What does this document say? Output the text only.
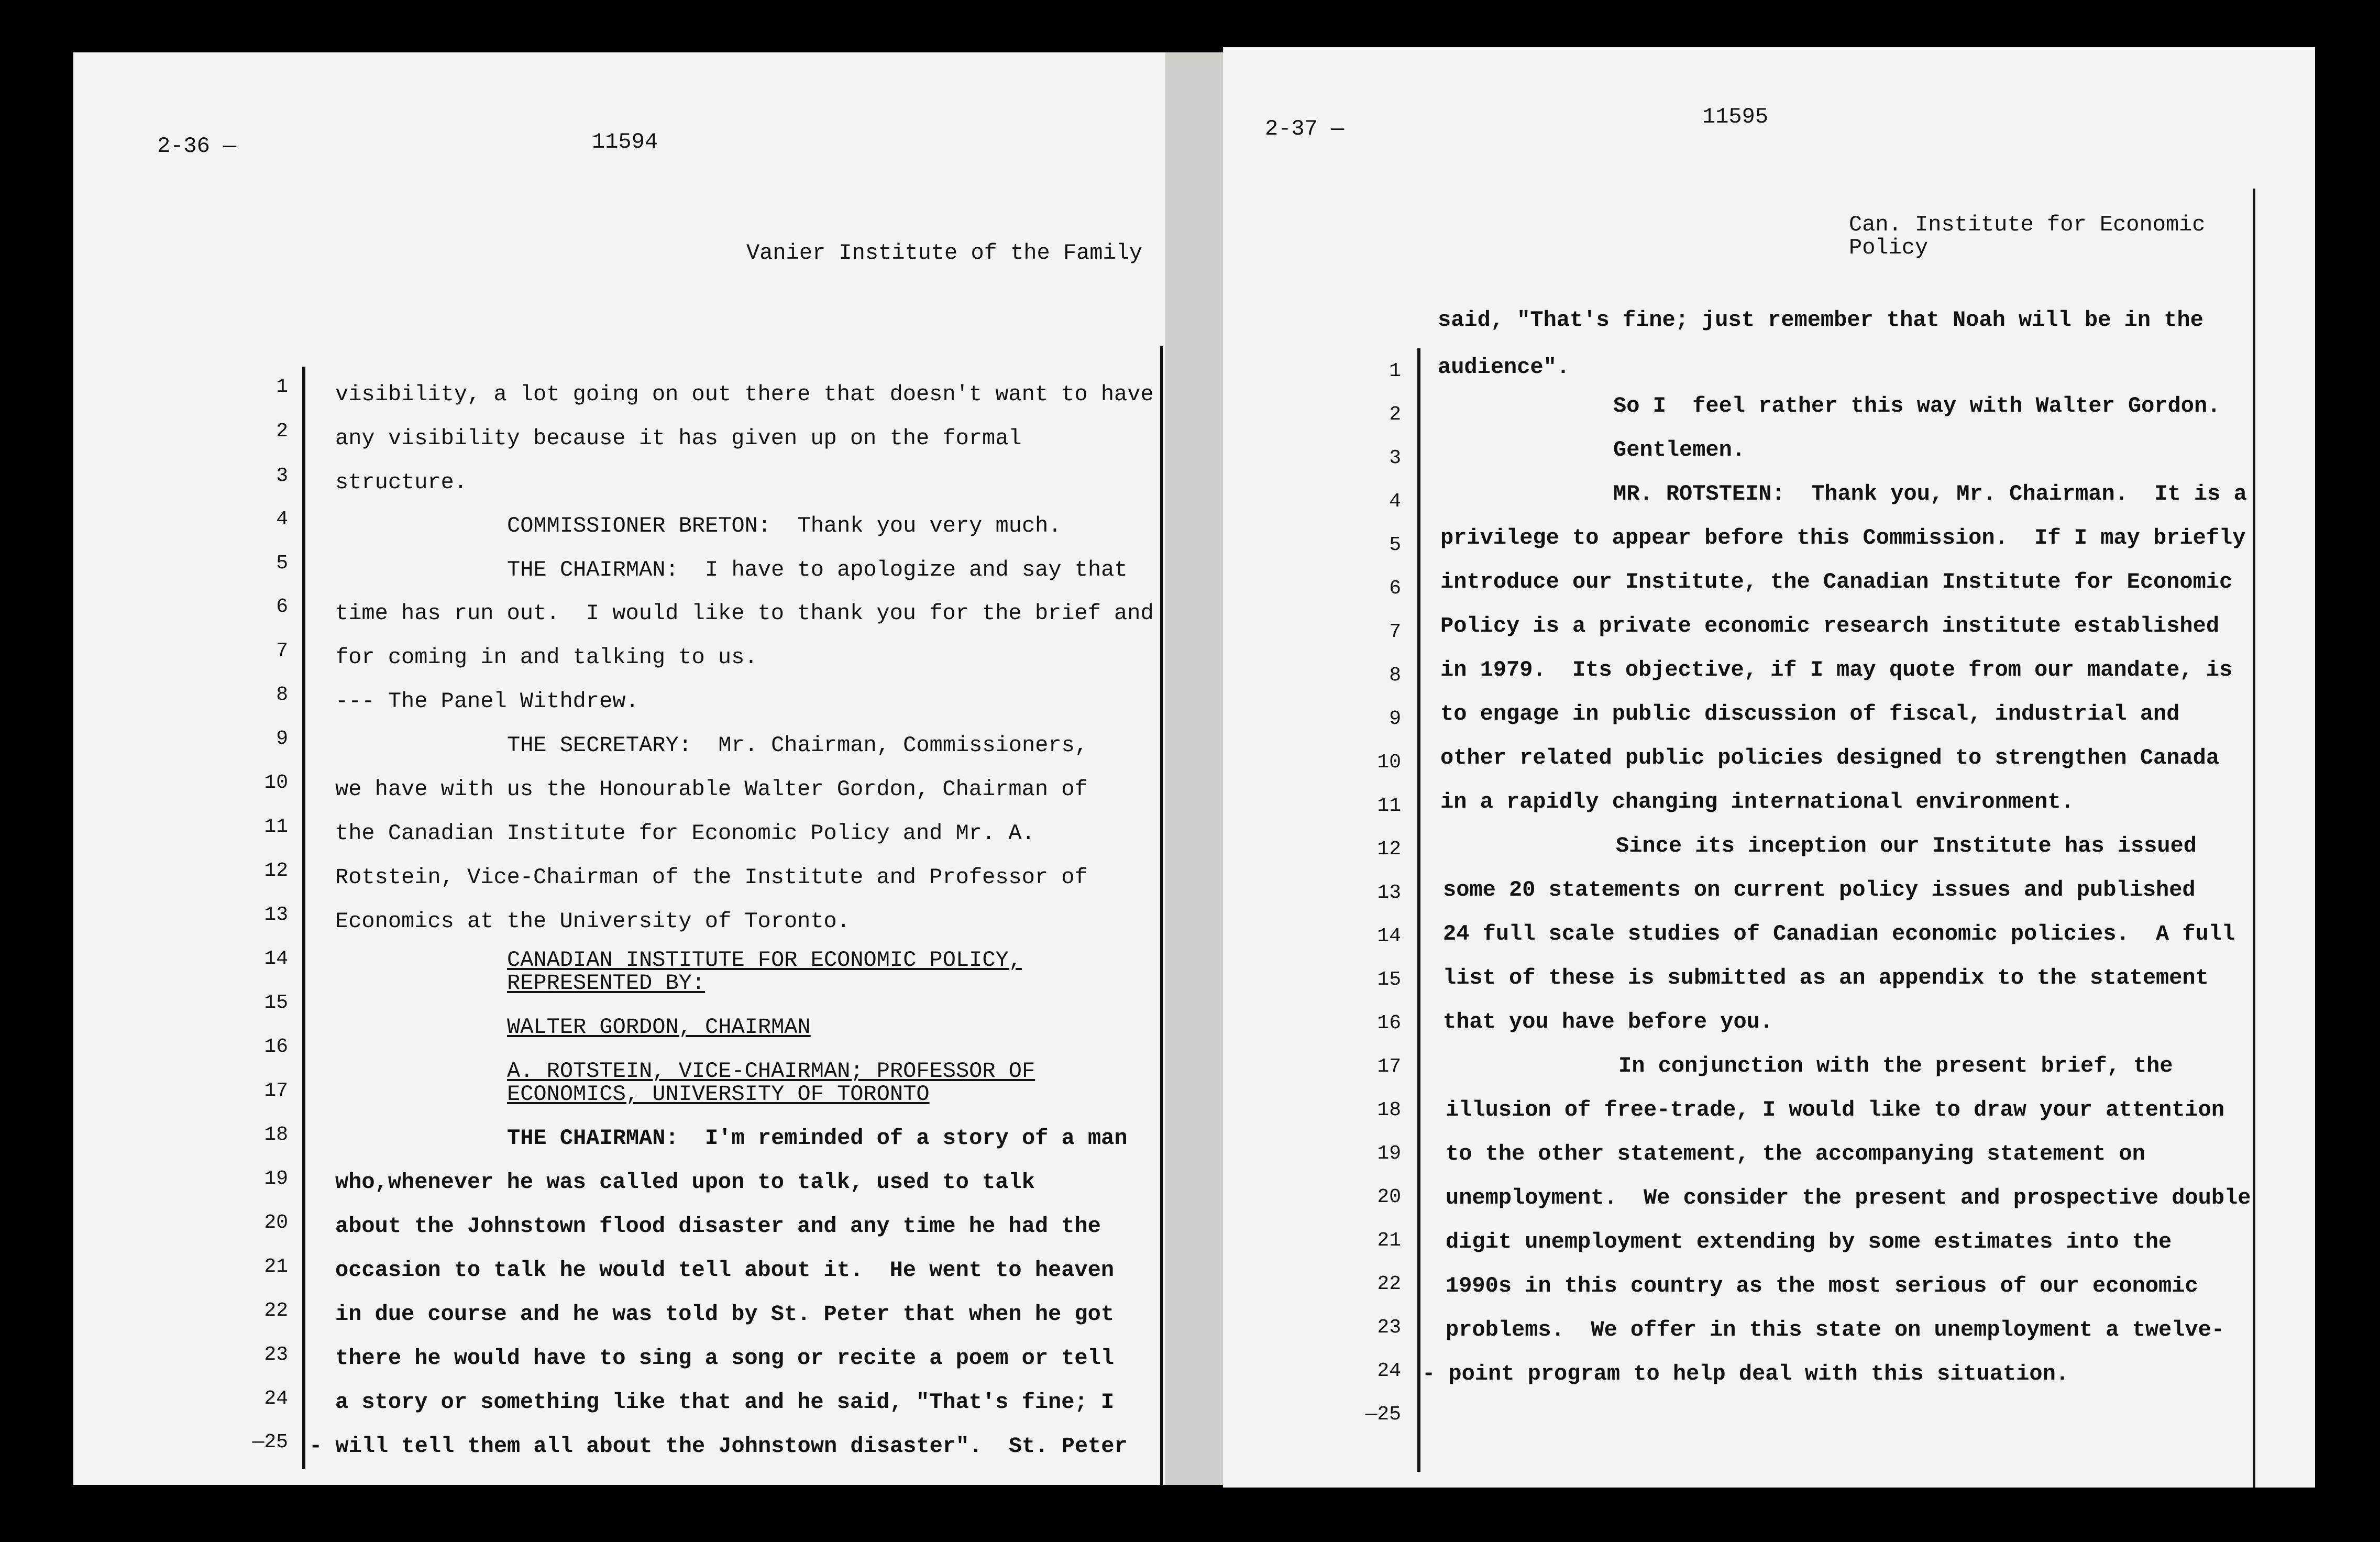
2-36 —	11594
Vanier Institute of the Family
1
2
3
4
5
6
7
8
9
10
11
12
13
14
15
16
17
18
19
20
21
22
23
24
—25
visibility, a lot going on out there that doesn't want to have
any visibility because it has given up on the formal
structure.
COMMISSIONER BRETON:  Thank you very much.
THE CHAIRMAN:  I have to apologize and say that
time has run out.  I would like to thank you for the brief and
for coming in and talking to us.
--- The Panel Withdrew.
THE SECRETARY:  Mr. Chairman, Commissioners,
we have with us the Honourable Walter Gordon, Chairman of
the Canadian Institute for Economic Policy and Mr. A.
Rotstein, Vice-Chairman of the Institute and Professor of
Economics at the University of Toronto.
CANADIAN INSTITUTE FOR ECONOMIC POLICY,
REPRESENTED BY:
WALTER GORDON, CHAIRMAN
A. ROTSTEIN, VICE-CHAIRMAN; PROFESSOR OF
ECONOMICS, UNIVERSITY OF TORONTO
THE CHAIRMAN:  I'm reminded of a story of a man
who,whenever he was called upon to talk, used to talk
about the Johnstown flood disaster and any time he had the
occasion to talk he would tell about it.  He went to heaven
in due course and he was told by St. Peter that when he got
there he would have to sing a song or recite a poem or tell
a story or something like that and he said, "That's fine; I
- will tell them all about the Johnstown disaster".  St. Peter
2-37 —	11595
Can. Institute for Economic
Policy
1
2
3
4
5
6
7
8
9
10
11
12
13
14
15
16
17
18
19
20
21
22
23
24
—25
said, "That's fine; just remember that Noah will be in the
audience".
So I  feel rather this way with Walter Gordon.
Gentlemen.
MR. ROTSTEIN:  Thank you, Mr. Chairman.  It is a
privilege to appear before this Commission.  If I may briefly
introduce our Institute, the Canadian Institute for Economic
Policy is a private economic research institute established
in 1979.  Its objective, if I may quote from our mandate, is
to engage in public discussion of fiscal, industrial and
other related public policies designed to strengthen Canada
in a rapidly changing international environment.
Since its inception our Institute has issued
some 20 statements on current policy issues and published
24 full scale studies of Canadian economic policies.  A full
list of these is submitted as an appendix to the statement
that you have before you.
In conjunction with the present brief, the
illusion of free-trade, I would like to draw your attention
to the other statement, the accompanying statement on
unemployment.  We consider the present and prospective double
digit unemployment extending by some estimates into the
1990s in this country as the most serious of our economic
problems.  We offer in this state on unemployment a twelve-
- point program to help deal with this situation.
